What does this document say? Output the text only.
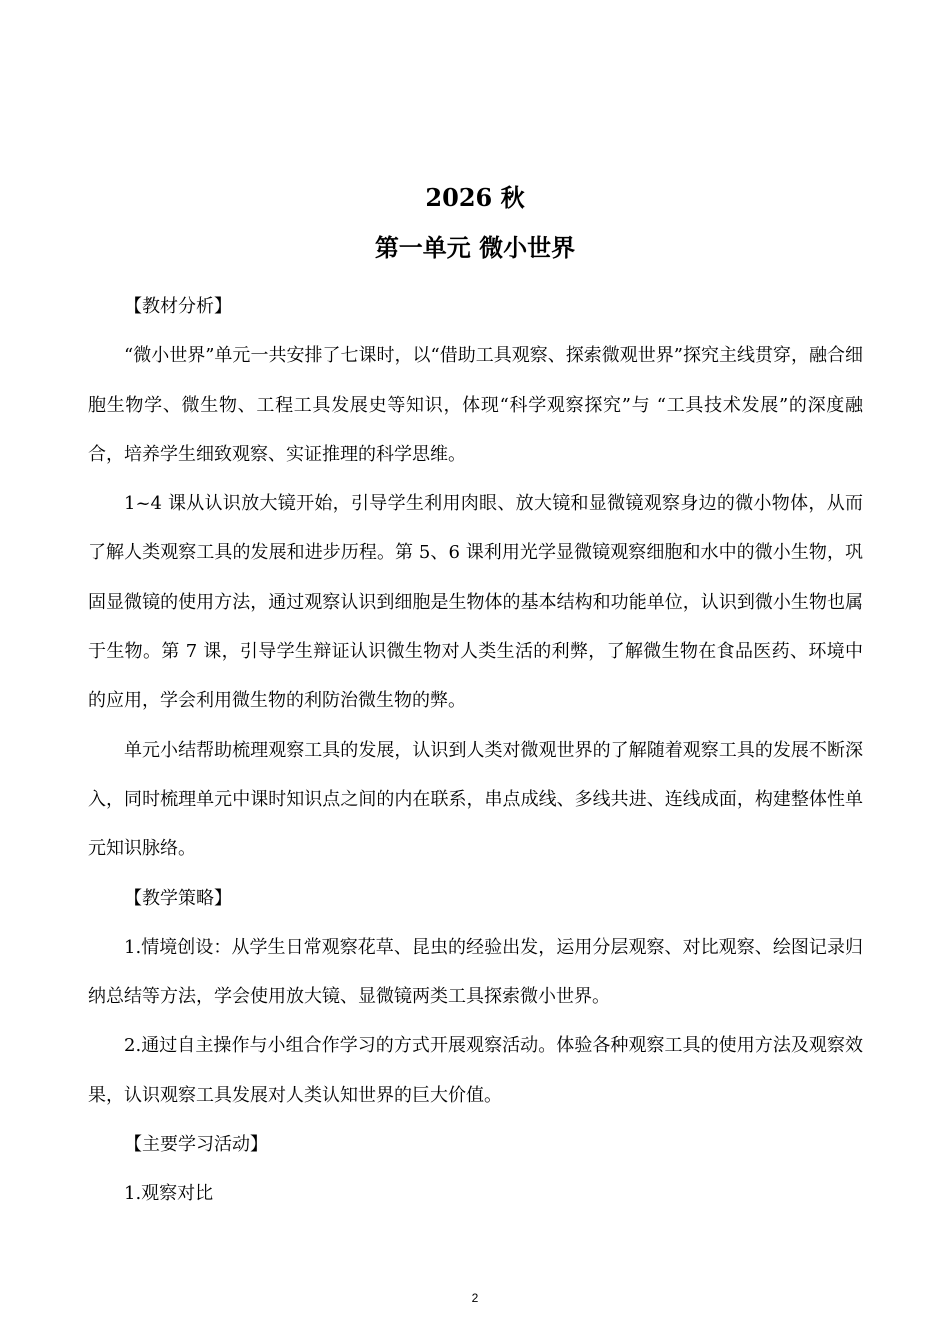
2026 秋
第一单元 微小世界

【教材分析】

“微小世界”单元一共安排了七课时，以“借助工具观察、探索微观世界”探究主线贯穿，融合细胞生物学、微生物、工程工具发展史等知识，体现“科学观察探究”与 “工具技术发展”的深度融合，培养学生细致观察、实证推理的科学思维。

1~4 课从认识放大镜开始，引导学生利用肉眼、放大镜和显微镜观察身边的微小物体，从而了解人类观察工具的发展和进步历程。第 5、6 课利用光学显微镜观察细胞和水中的微小生物，巩固显微镜的使用方法，通过观察认识到细胞是生物体的基本结构和功能单位，认识到微小生物也属于生物。第 7 课，引导学生辩证认识微生物对人类生活的利弊，了解微生物在食品医药、环境中的应用，学会利用微生物的利防治微生物的弊。

单元小结帮助梳理观察工具的发展，认识到人类对微观世界的了解随着观察工具的发展不断深入，同时梳理单元中课时知识点之间的内在联系，串点成线、多线共进、连线成面，构建整体性单元知识脉络。

【教学策略】

1.情境创设：从学生日常观察花草、昆虫的经验出发，运用分层观察、对比观察、绘图记录归纳总结等方法，学会使用放大镜、显微镜两类工具探索微小世界。

2.通过自主操作与小组合作学习的方式开展观察活动。体验各种观察工具的使用方法及观察效果，认识观察工具发展对人类认知世界的巨大价值。

【主要学习活动】

1.观察对比

2
